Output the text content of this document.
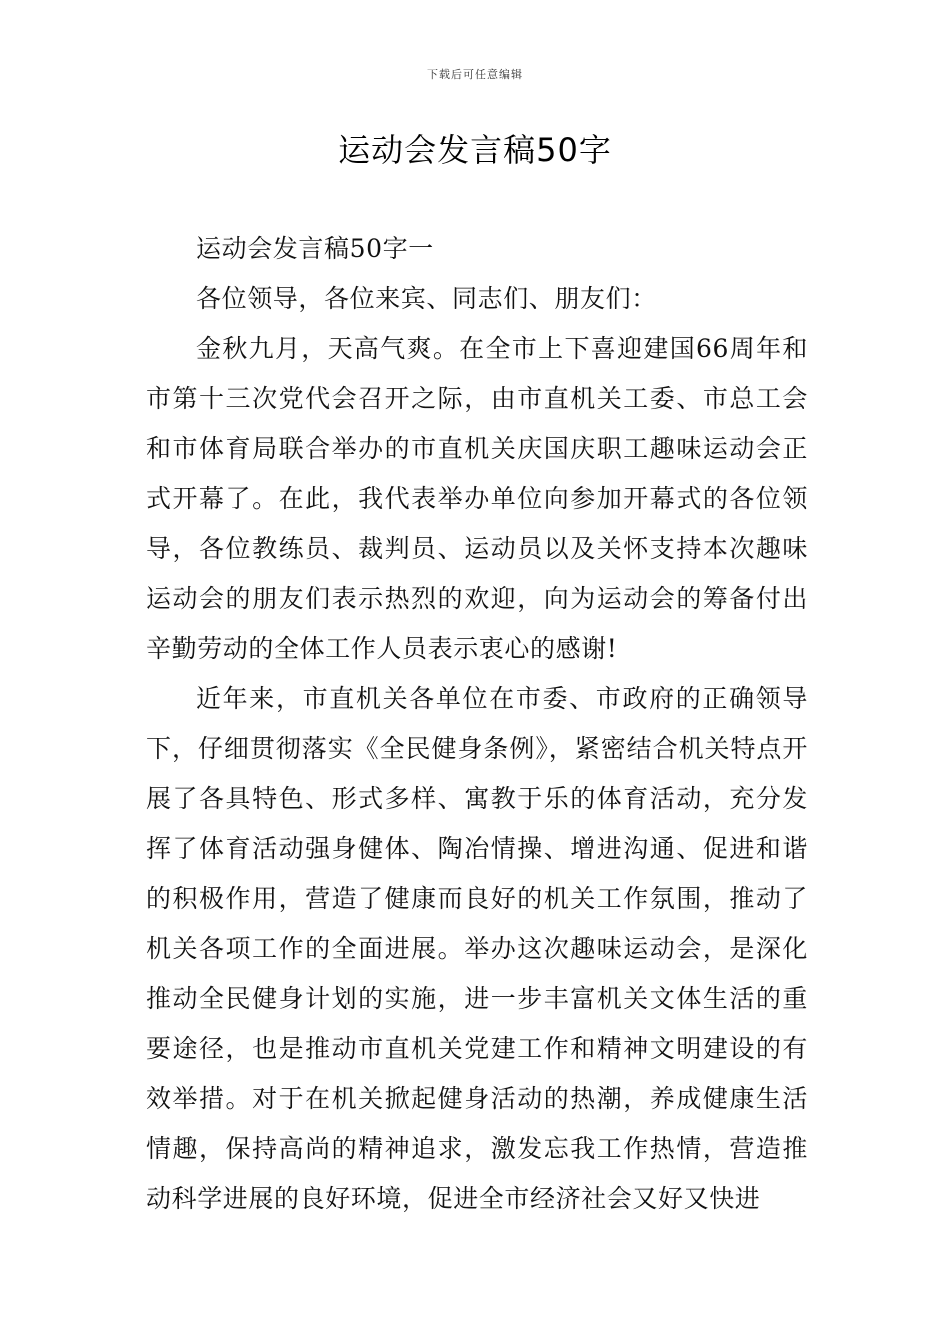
下载后可任意编辑
运动会发言稿50字

运动会发言稿50字一

各位领导，各位来宾、同志们、朋友们：

金秋九月，天高气爽。在全市上下喜迎建国66周年和市第十三次党代会召开之际，由市直机关工委、市总工会和市体育局联合举办的市直机关庆国庆职工趣味运动会正式开幕了。在此，我代表举办单位向参加开幕式的各位领导，各位教练员、裁判员、运动员以及关怀支持本次趣味运动会的朋友们表示热烈的欢迎，向为运动会的筹备付出辛勤劳动的全体工作人员表示衷心的感谢!

近年来，市直机关各单位在市委、市政府的正确领导下，仔细贯彻落实《全民健身条例》，紧密结合机关特点开展了各具特色、形式多样、寓教于乐的体育活动，充分发挥了体育活动强身健体、陶冶情操、增进沟通、促进和谐的积极作用，营造了健康而良好的机关工作氛围，推动了机关各项工作的全面进展。举办这次趣味运动会，是深化推动全民健身计划的实施，进一步丰富机关文体生活的重要途径，也是推动市直机关党建工作和精神文明建设的有效举措。对于在机关掀起健身活动的热潮，养成健康生活情趣，保持高尚的精神追求，激发忘我工作热情，营造推动科学进展的良好环境，促进全市经济社会又好又快进
